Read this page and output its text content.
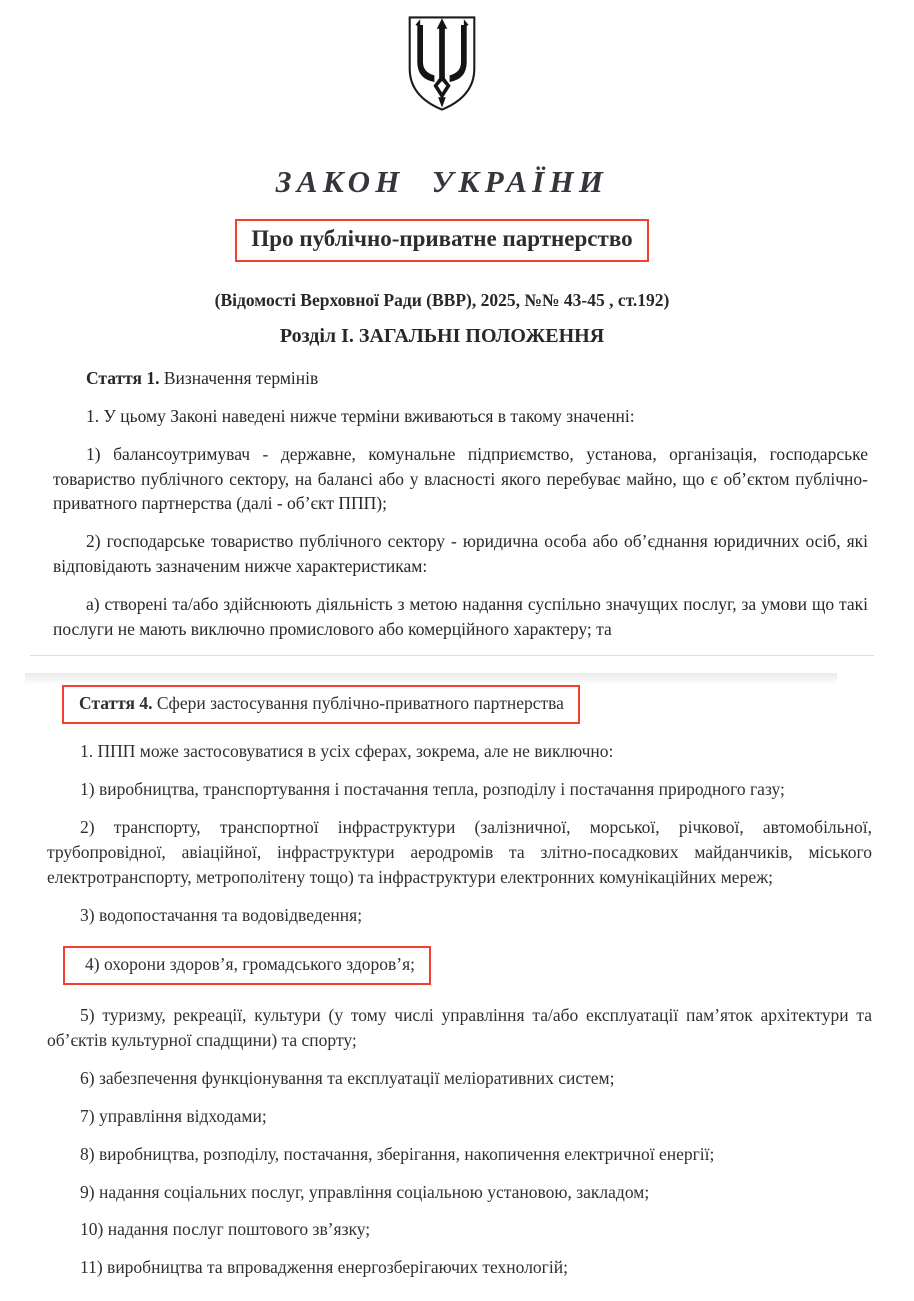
ЗАКОН УКРАЇНИ
Про публічно-приватне партнерство

(Відомості Верховної Ради (ВВР), 2025, №№ 43-45 , ст.192)

Розділ І. ЗАГАЛЬНІ ПОЛОЖЕННЯ

Стаття 1. Визначення термінів

1. У цьому Законі наведені нижче терміни вживаються в такому значенні:

1) балансоутримувач - державне, комунальне підприємство, установа, організація, господарське товариство публічного сектору, на балансі або у власності якого перебуває майно, що є об’єктом публічно-приватного партнерства (далі - об’єкт ППП);

2) господарське товариство публічного сектору - юридична особа або об’єднання юридичних осіб, які відповідають зазначеним нижче характеристикам:

а) створені та/або здійснюють діяльність з метою надання суспільно значущих послуг, за умови що такі послуги не мають виключно промислового або комерційного характеру; та

Стаття 4. Сфери застосування публічно-приватного партнерства

1. ППП може застосовуватися в усіх сферах, зокрема, але не виключно:

1) виробництва, транспортування і постачання тепла, розподілу і постачання природного газу;

2) транспорту, транспортної інфраструктури (залізничної, морської, річкової, автомобільної, трубопровідної, авіаційної, інфраструктури аеродромів та злітно-посадкових майданчиків, міського електротранспорту, метрополітену тощо) та інфраструктури електронних комунікаційних мереж;

3) водопостачання та водовідведення;

4) охорони здоров’я, громадського здоров’я;

5) туризму, рекреації, культури (у тому числі управління та/або експлуатації пам’яток архітектури та об’єктів культурної спадщини) та спорту;

6) забезпечення функціонування та експлуатації меліоративних систем;

7) управління відходами;

8) виробництва, розподілу, постачання, зберігання, накопичення електричної енергії;

9) надання соціальних послуг, управління соціальною установою, закладом;

10) надання послуг поштового зв’язку;

11) виробництва та впровадження енергозберігаючих технологій;
